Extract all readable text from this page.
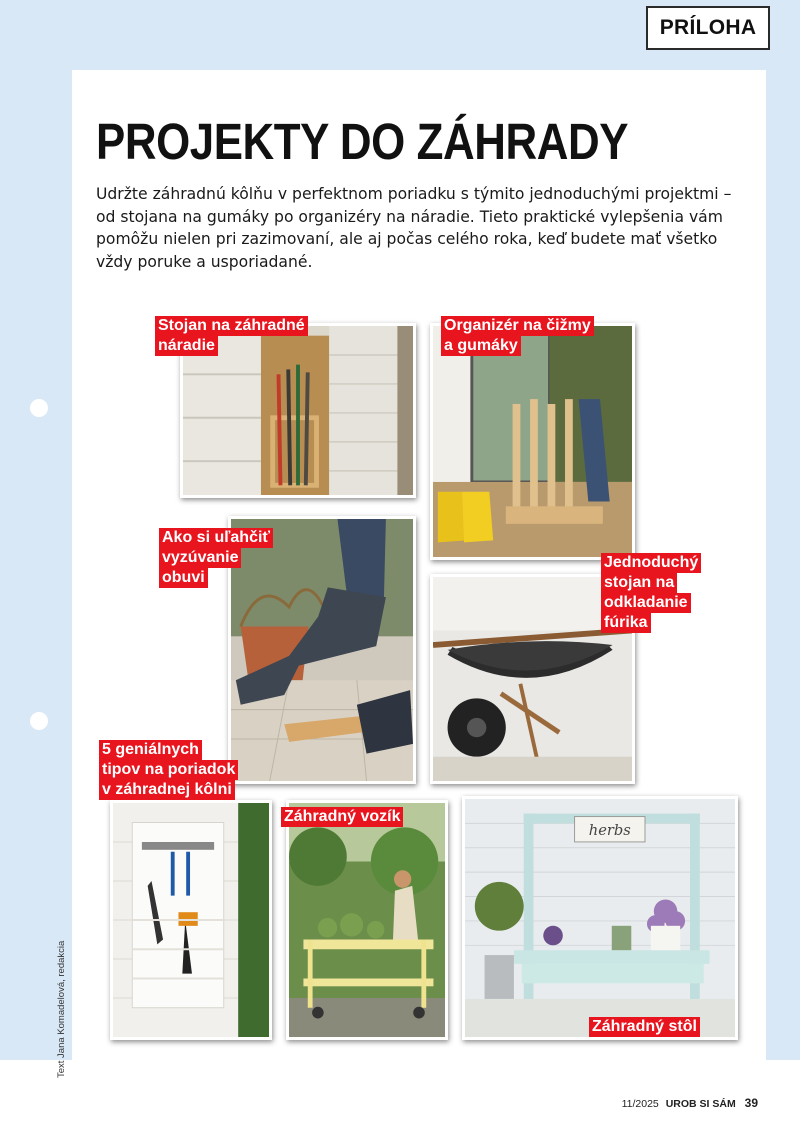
PRÍLOHA
PROJEKTY DO ZÁHRADY

Udržte záhradnú kôlňu v perfektnom poriadku s týmito jednoduchými projektmi – od stojana na gumáky po organizéry na náradie. Tieto praktické vylepšenia vám pomôžu nielen pri zazimovaní, ale aj počas celého roka, keď budete mať všetko vždy poruke a usporiadané.

herbs
Stojan na záhradné
náradie
Organizér na čižmy
a gumáky
Ako si uľahčiť
vyzúvanie
obuvi
Jednoduchý
stojan na
odkladanie
fúrika
5 geniálnych
tipov na poriadok
v záhradnej kôlni
Záhradný vozík
Záhradný stôl
Text Jana Komadelová, redakcia
11/2025 UROB SI SÁM 39
